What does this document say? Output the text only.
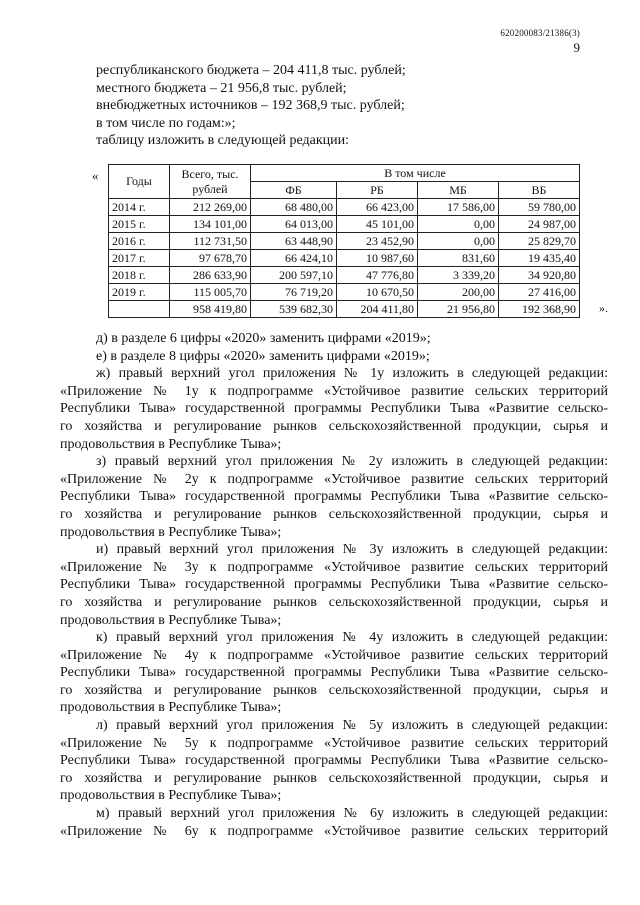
620200083/21386(3)
9
республиканского бюджета – 204 411,8 тыс. рублей;
местного бюджета – 21 956,8 тыс. рублей;
внебюджетных источников – 192 368,9 тыс. рублей;
в том числе по годам:»;
таблицу изложить в следующей редакции:
« Годы	Всего, тыс. рублей	В том числе			
		ФБ	РБ	МБ	ВБ
2014 г.	212 269,00	68 480,00	66 423,00	17 586,00	59 780,00
2015 г.	134 101,00	64 013,00	45 101,00	0,00	24 987,00
2016 г.	112 731,50	63 448,90	23 452,90	0,00	25 829,70
2017 г.	97 678,70	66 424,10	10 987,60	831,60	19 435,40
2018 г.	286 633,90	200 597,10	47 776,80	3 339,20	34 920,80
2019 г.	115 005,70	76 719,20	10 670,50	200,00	27 416,00
	958 419,80	539 682,30	204 411,80	21 956,80	192 368,90 ».
д) в разделе 6 цифры «2020» заменить цифрами «2019»;
е) в разделе 8 цифры «2020» заменить цифрами «2019»;
ж) правый верхний угол приложения № 1у изложить в следующей редакции:
«Приложение № 1у к подпрограмме «Устойчивое развитие сельских территорий
Республики Тыва» государственной программы Республики Тыва «Развитие сельско-
го хозяйства и регулирование рынков сельскохозяйственной продукции, сырья и
продовольствия в Республике Тыва»;
з) правый верхний угол приложения № 2у изложить в следующей редакции:
«Приложение № 2у к подпрограмме «Устойчивое развитие сельских территорий
Республики Тыва» государственной программы Республики Тыва «Развитие сельско-
го хозяйства и регулирование рынков сельскохозяйственной продукции, сырья и
продовольствия в Республике Тыва»;
и) правый верхний угол приложения № 3у изложить в следующей редакции:
«Приложение № 3у к подпрограмме «Устойчивое развитие сельских территорий
Республики Тыва» государственной программы Республики Тыва «Развитие сельско-
го хозяйства и регулирование рынков сельскохозяйственной продукции, сырья и
продовольствия в Республике Тыва»;
к) правый верхний угол приложения № 4у изложить в следующей редакции:
«Приложение № 4у к подпрограмме «Устойчивое развитие сельских территорий
Республики Тыва» государственной программы Республики Тыва «Развитие сельско-
го хозяйства и регулирование рынков сельскохозяйственной продукции, сырья и
продовольствия в Республике Тыва»;
л) правый верхний угол приложения № 5у изложить в следующей редакции:
«Приложение № 5у к подпрограмме «Устойчивое развитие сельских территорий
Республики Тыва» государственной программы Республики Тыва «Развитие сельско-
го хозяйства и регулирование рынков сельскохозяйственной продукции, сырья и
продовольствия в Республике Тыва»;
м) правый верхний угол приложения № 6у изложить в следующей редакции:
«Приложение № 6у к подпрограмме «Устойчивое развитие сельских территорий
